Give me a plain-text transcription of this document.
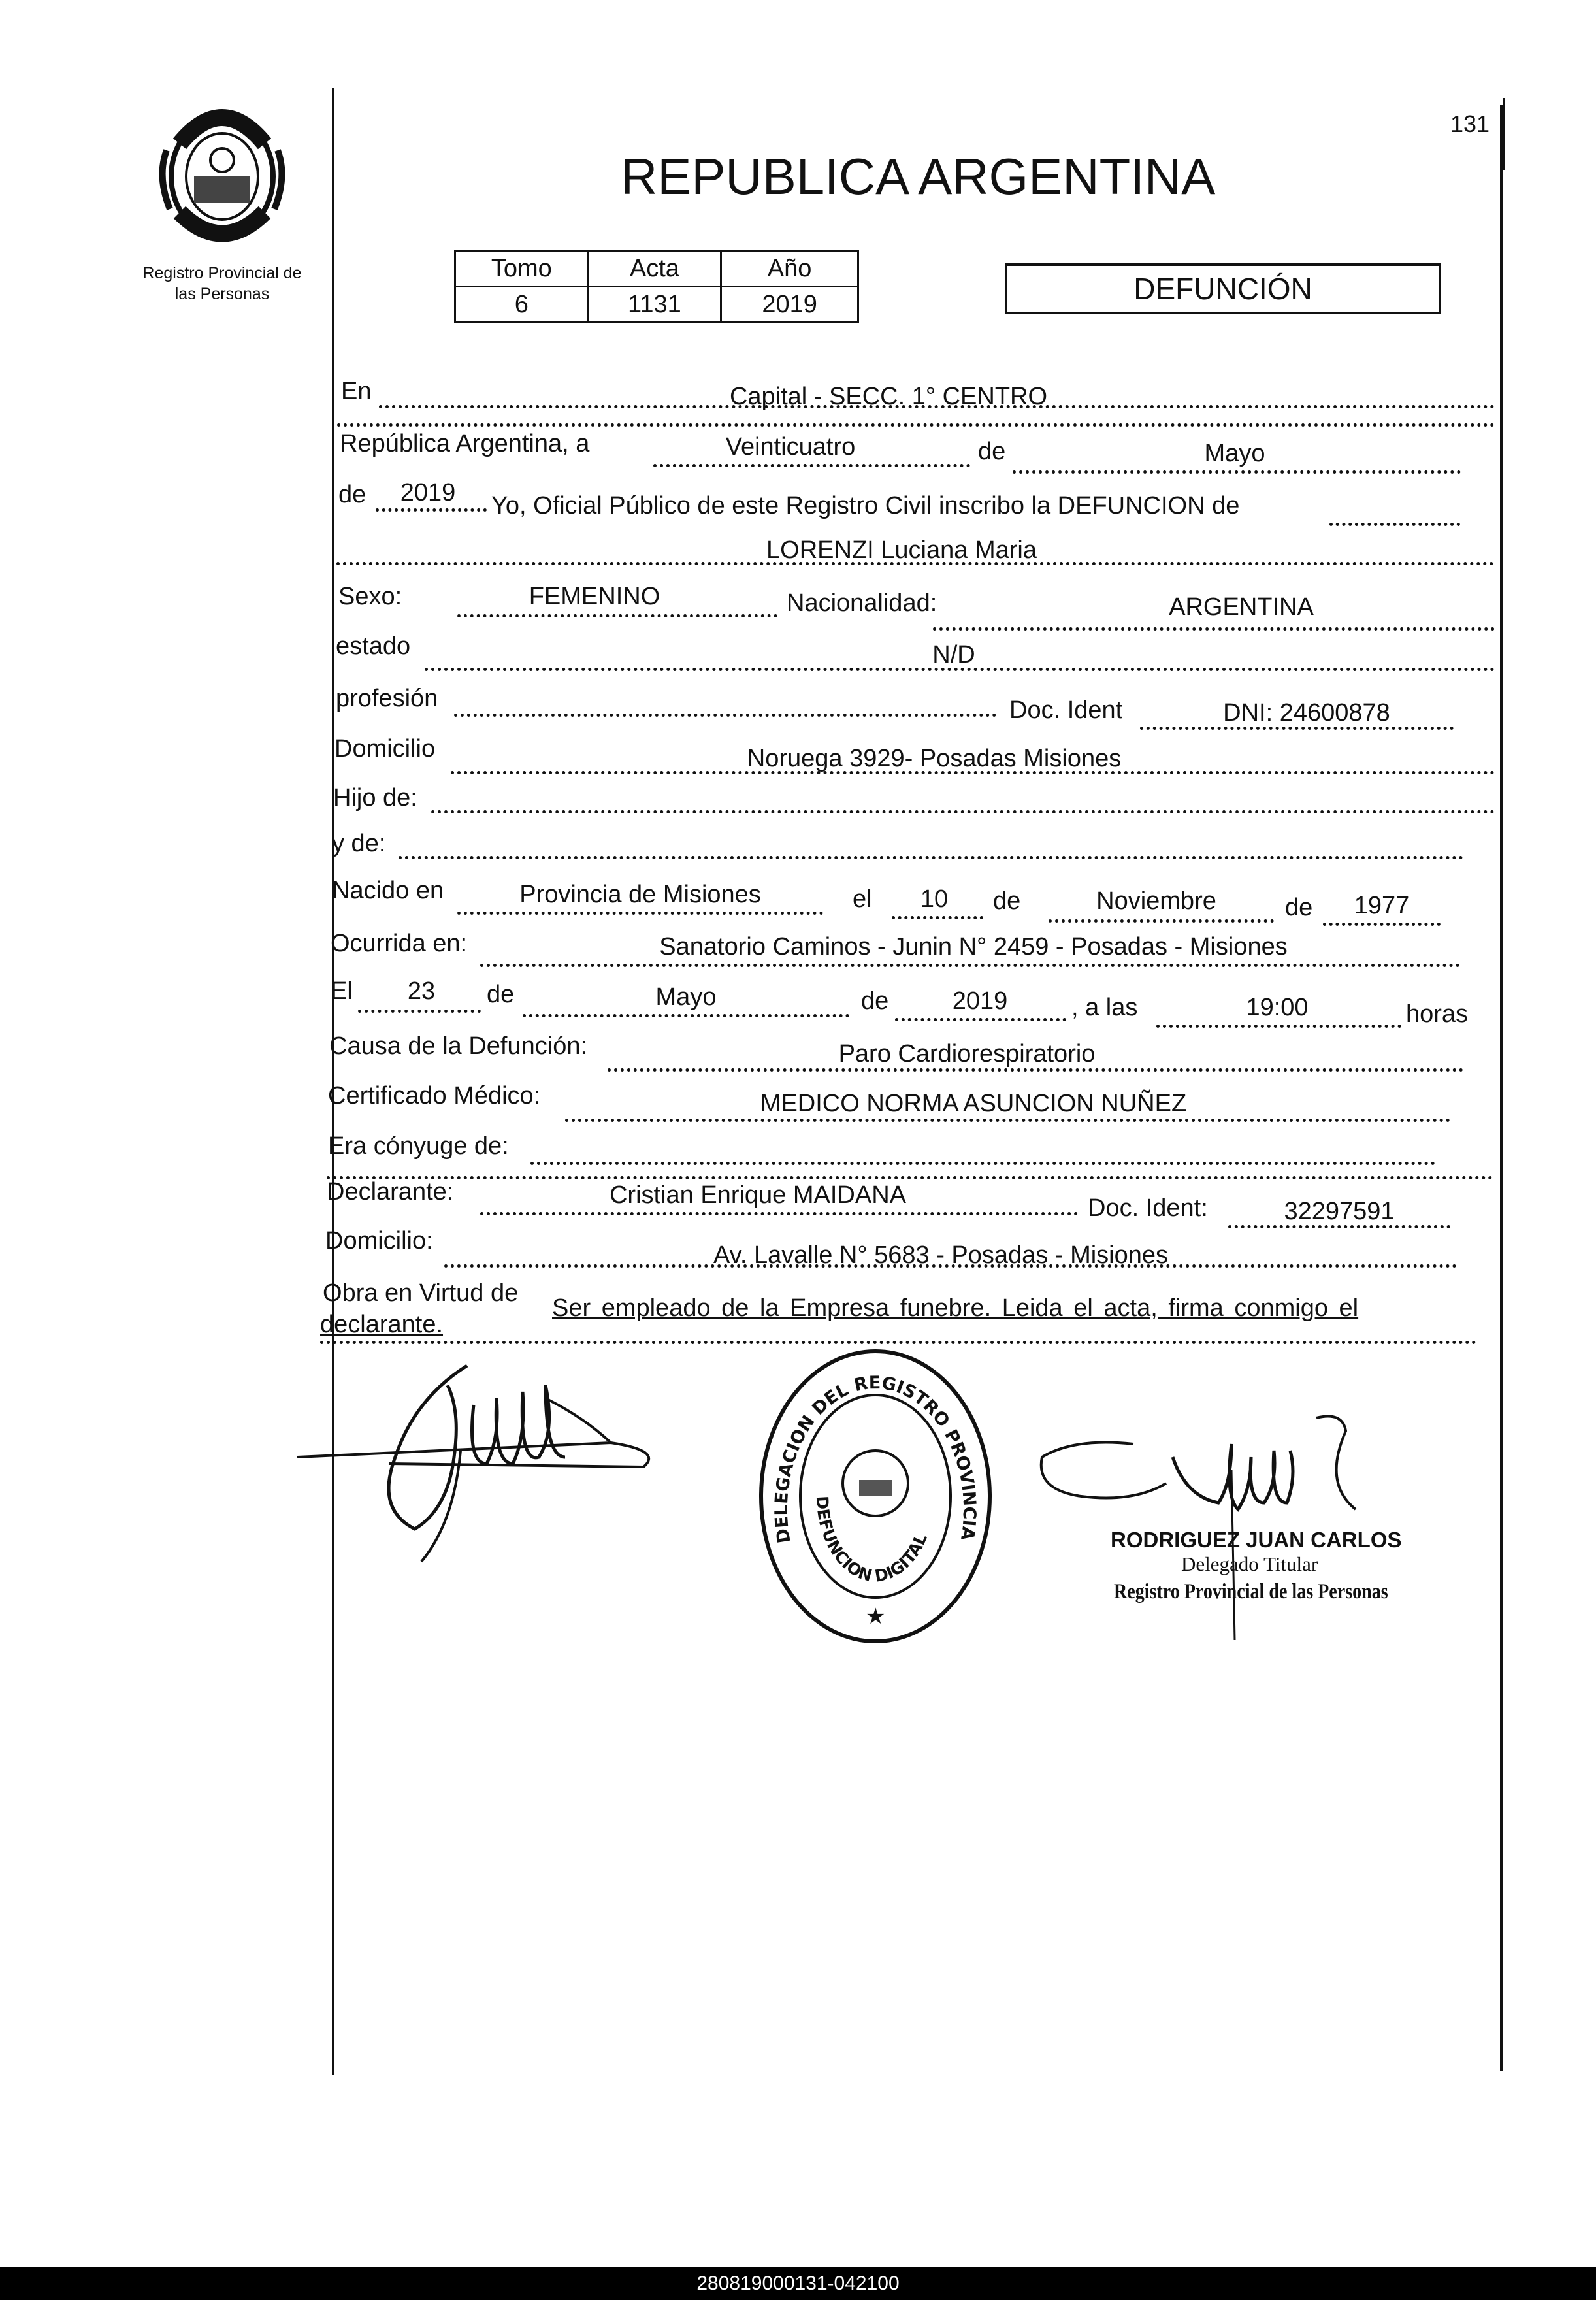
Registro Provincial de
las Personas
131
REPUBLICA ARGENTINA
Tomo	Acta	Año
6	1131	2019	DEFUNCIÓN
En	Capital - SECC. 1° CENTRO
República Argentina, a	Veinticuatro	de	Mayo
de	2019	Yo, Oficial Público de este Registro Civil inscribo la DEFUNCION de
LORENZI Luciana Maria
Sexo:	FEMENINO	Nacionalidad:	ARGENTINA
estado	N/D
profesión	Doc. Ident	DNI: 24600878
Domicilio	Noruega 3929- Posadas Misiones
Hijo de:
y de:
Nacido en	Provincia de Misiones	el	10	de	Noviembre	de	1977
Ocurrida en:	Sanatorio Caminos - Junin N° 2459 - Posadas - Misiones
El	23	de	Mayo	de	2019	, a las	19:00	horas
Causa de la Defunción:	Paro Cardiorespiratorio
Certificado Médico:	MEDICO NORMA ASUNCION NUÑEZ
Era cónyuge de:
Declarante:	Cristian Enrique MAIDANA	Doc. Ident:	32297591
Domicilio:
Av. Lavalle N° 5683 - Posadas - Misiones
Obra en Virtud de
Ser empleado de la Empresa funebre. Leida el acta, firma conmigo el
declarante.
DELEGACION DEL REGISTRO PROVINCIA
DEFUNCION DIGITAL
★
RODRIGUEZ JUAN CARLOS
Delegado Titular
Registro Provincial de las Personas
280819000131-042100
